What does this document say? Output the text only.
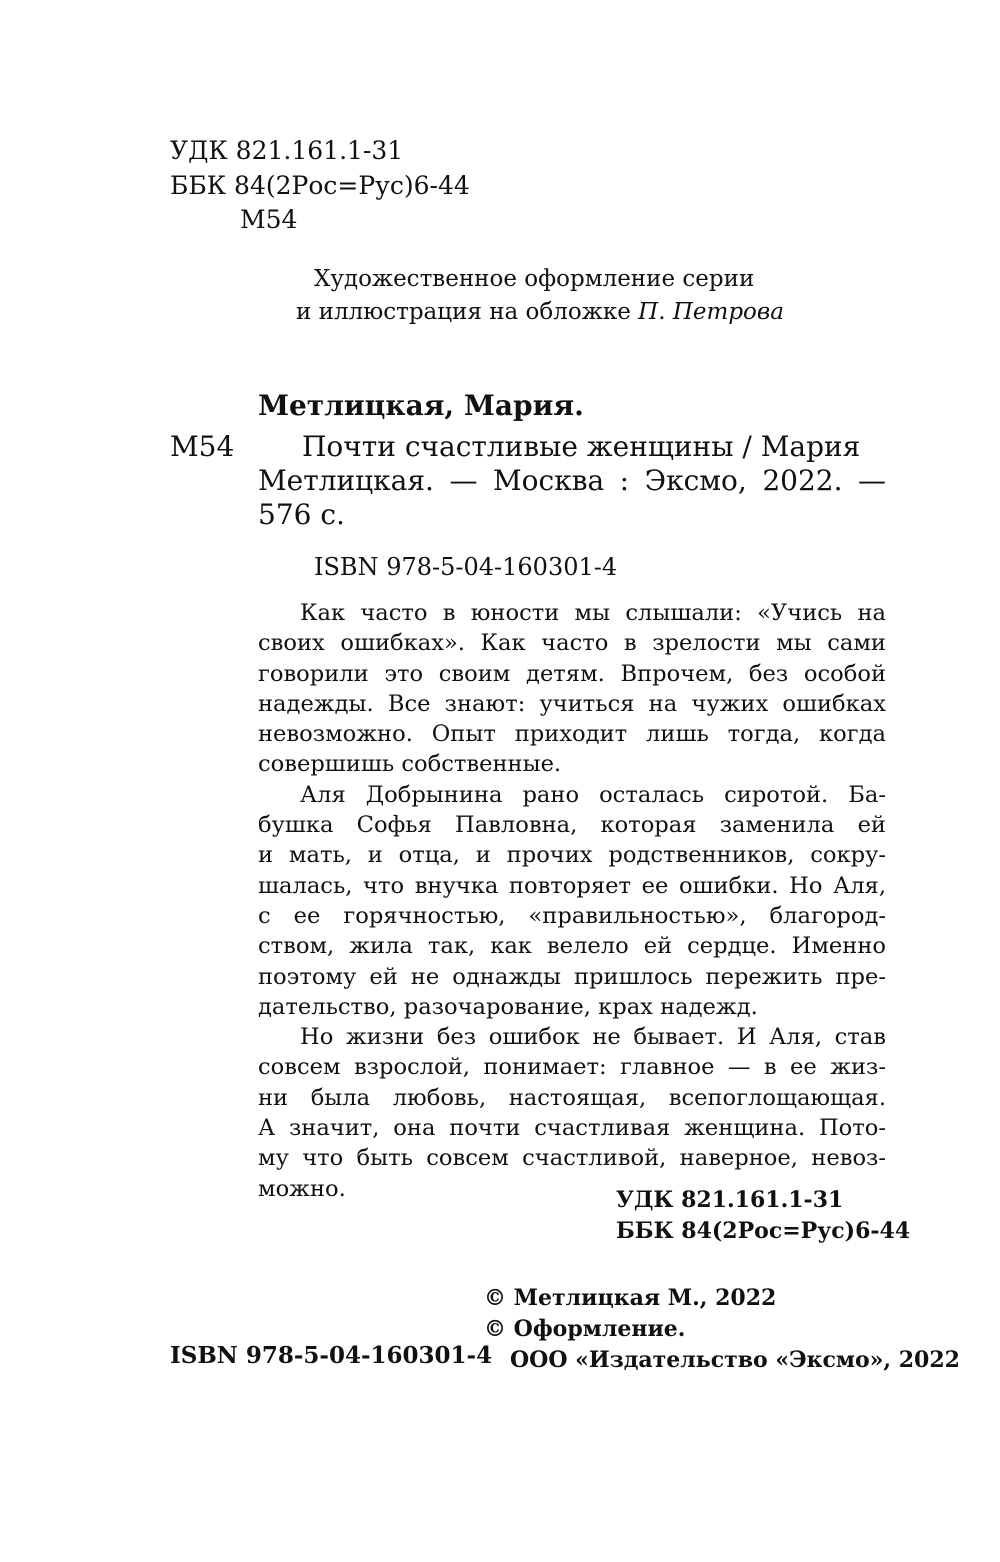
УДК 821.161.1-31
ББК 84(2Рос=Рус)6-44
М54
Художественное оформление серии
и иллюстрация на обложке П. Петрова
Метлицкая, Мария.
М54 Почти счастливые женщины / Мария
Метлицкая. — Москва : Эксмо, 2022. —
576 с.
ISBN 978-5-04-160301-4
Как часто в юности мы слышали: «Учись на
своих ошибках». Как часто в зрелости мы сами
говорили это своим детям. Впрочем, без особой
надежды. Все знают: учиться на чужих ошибках
невозможно. Опыт приходит лишь тогда, когда
совершишь собственные.
Аля Добрынина рано осталась сиротой. Ба-
бушка Софья Павловна, которая заменила ей
и мать, и отца, и прочих родственников, сокру-
шалась, что внучка повторяет ее ошибки. Но Аля,
с ее горячностью, «правильностью», благород-
ством, жила так, как велело ей сердце. Именно
поэтому ей не однажды пришлось пережить пре-
дательство, разочарование, крах надежд.
Но жизни без ошибок не бывает. И Аля, став
совсем взрослой, понимает: главное — в ее жиз-
ни была любовь, настоящая, всепоглощающая.
А значит, она почти счастливая женщина. Пото-
му что быть совсем счастливой, наверное, невоз-
можно.	УДК 821.161.1-31
ББК 84(2Рос=Рус)6-44
© Метлицкая М., 2022
© Оформление.
ООО «Издательство «Эксмо», 2022
ISBN 978-5-04-160301-4
